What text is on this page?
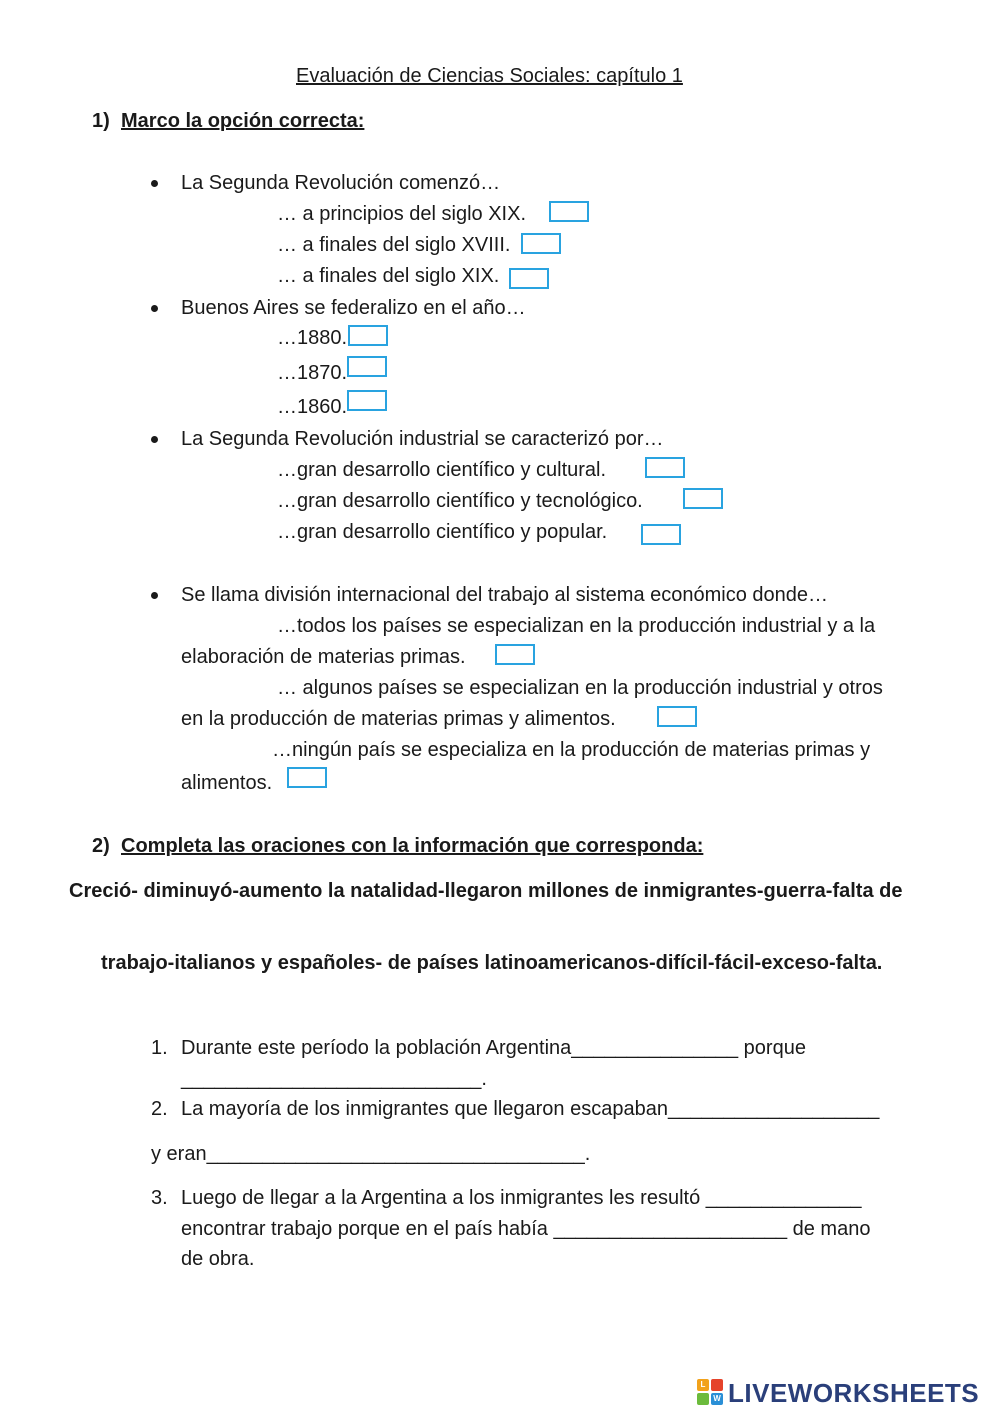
Evaluación de Ciencias Sociales: capítulo 1
1) Marco la opción correcta:
La Segunda Revolución comenzó…
… a principios del siglo XIX.
… a finales del siglo XVIII.
… a finales del siglo XIX.
Buenos Aires se federalizo en el año…
…1880.
…1870.
…1860.
La Segunda Revolución industrial se caracterizó por…
…gran desarrollo científico y cultural.
…gran desarrollo científico y tecnológico.
…gran desarrollo científico y popular.
Se llama división internacional del trabajo al sistema económico donde…
…todos los países se especializan en la producción industrial y a la
elaboración de materias primas.
… algunos países se especializan en la producción industrial y otros
en la producción de materias primas y alimentos.
…ningún país se especializa en la producción de materias primas y
alimentos.
2) Completa las oraciones con la información que corresponda:
Creció- diminuyó-aumento la natalidad-llegaron millones de inmigrantes-guerra-falta de
trabajo-italianos y españoles- de países latinoamericanos-difícil-fácil-exceso-falta.
1. Durante este período la población Argentina_______________ porque
___________________________.
2. La mayoría de los inmigrantes que llegaron escapaban___________________
y eran__________________________________.
3. Luego de llegar a la Argentina a los inmigrantes les resultó ______________
encontrar trabajo porque en el país había _____________________ de mano
de obra.
L
W LIVEWORKSHEETS
